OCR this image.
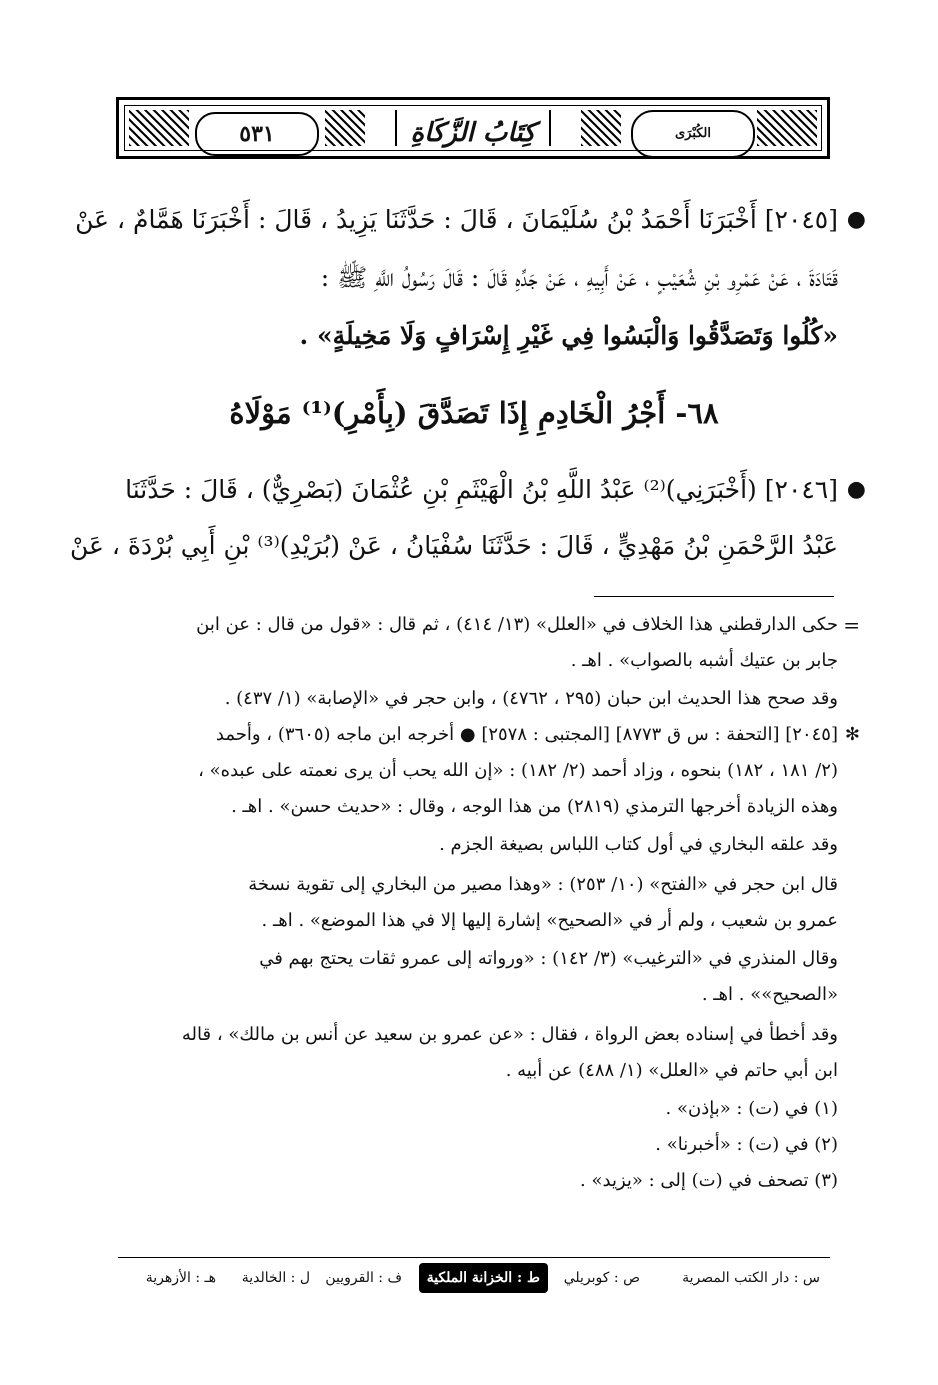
٥٣١	كِتَابُ الزَّكَاةِ	الكُبْرَى
●
[٢٠٤٥] أَخْبَرَنَا أَحْمَدُ بْنُ سُلَيْمَانَ ، قَالَ : حَدَّثَنَا يَزِيدُ ، قَالَ : أَخْبَرَنَا هَمَّامٌ ، عَنْ
قَتَادَةَ ، عَنْ عَمْرِو بْنِ شُعَيْبٍ ، عَنْ أَبِيهِ ، عَنْ جَدِّهِ قَالَ : قَالَ رَسُولُ اللَّهِ ﷺ :
«كُلُوا وَتَصَدَّقُوا وَالْبَسُوا فِي غَيْرِ إِسْرَافٍ وَلَا مَخِيلَةٍ» .
٦٨- أَجْرُ الْخَادِمِ إِذَا تَصَدَّقَ (بِأَمْرِ)⁽¹⁾ مَوْلَاهُ
●
[٢٠٤٦] (أَخْبَرَنِي)⁽²⁾ عَبْدُ اللَّهِ بْنُ الْهَيْثَمِ بْنِ عُثْمَانَ (بَصْرِيٌّ) ، قَالَ : حَدَّثَنَا
عَبْدُ الرَّحْمَنِ بْنُ مَهْدِيٍّ ، قَالَ : حَدَّثَنَا سُفْيَانُ ، عَنْ (بُرَيْدِ)⁽³⁾ بْنِ أَبِي بُرْدَةَ ، عَنْ
=
حكى الدارقطني هذا الخلاف في «العلل» (١٣/ ٤١٤) ، ثم قال : «قول من قال : عن ابن
جابر بن عتيك أشبه بالصواب» . اهـ .
وقد صحح هذا الحديث ابن حبان (٢٩٥ ، ٤٧٦٢) ، وابن حجر في «الإصابة» (١/ ٤٣٧) .
✻
[٢٠٤٥] [التحفة : س ق ٨٧٧٣] [المجتبى : ٢٥٧٨] ● أخرجه ابن ماجه (٣٦٠٥) ، وأحمد
(٢/ ١٨١ ، ١٨٢) بنحوه ، وزاد أحمد (٢/ ١٨٢) : «إن الله يحب أن يرى نعمته على عبده» ،
وهذه الزيادة أخرجها الترمذي (٢٨١٩) من هذا الوجه ، وقال : «حديث حسن» . اهـ .
وقد علقه البخاري في أول كتاب اللباس بصيغة الجزم .
قال ابن حجر في «الفتح» (١٠/ ٢٥٣) : «وهذا مصير من البخاري إلى تقوية نسخة
عمرو بن شعيب ، ولم أر في «الصحيح» إشارة إليها إلا في هذا الموضع» . اهـ .
وقال المنذري في «الترغيب» (٣/ ١٤٢) : «ورواته إلى عمرو ثقات يحتج بهم في
«الصحيح»» . اهـ .
وقد أخطأ في إسناده بعض الرواة ، فقال : «عن عمرو بن سعيد عن أنس بن مالك» ، قاله
ابن أبي حاتم في «العلل» (١/ ٤٨٨) عن أبيه .
(١) في (ت) : «بإذن» .
(٢) في (ت) : «أخبرنا» .
(٣) تصحف في (ت) إلى : «يزيد» .
س : دار الكتب المصرية
ص : كوبريلي
ط : الخزانة الملكية
ف : القرويين
ل : الخالدية
هـ : الأزهرية
